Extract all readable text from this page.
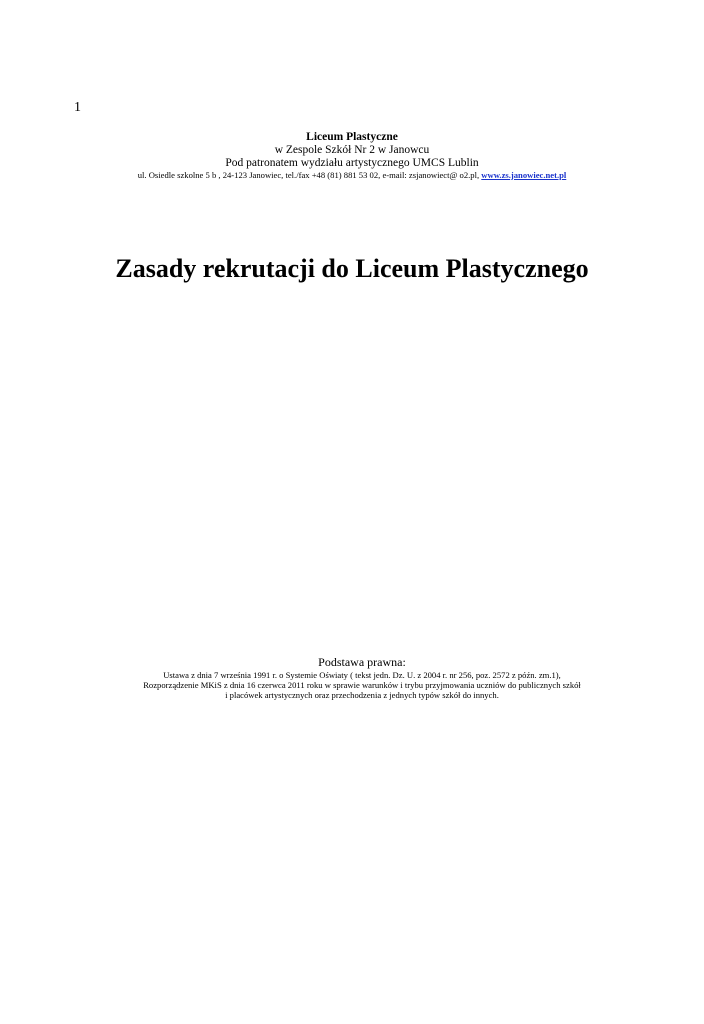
1
Liceum Plastyczne
w Zespole Szkół Nr 2 w Janowcu
Pod patronatem wydziału artystycznego UMCS Lublin
ul. Osiedle szkolne 5 b , 24-123 Janowiec, tel./fax +48 (81) 881 53 02, e-mail: zsjanowiect@ o2.pl, www.zs.janowiec.net.pl
Zasady rekrutacji do Liceum Plastycznego
Podstawa prawna:
Ustawa z dnia 7 września 1991 r. o Systemie Oświaty ( tekst jedn. Dz. U. z 2004 r. nr 256, poz. 2572 z późn. zm.1),
Rozporządzenie MKiS z dnia 16 czerwca 2011 roku w sprawie warunków i trybu przyjmowania uczniów do publicznych szkół
i placówek artystycznych oraz przechodzenia z jednych typów szkół do innych.
